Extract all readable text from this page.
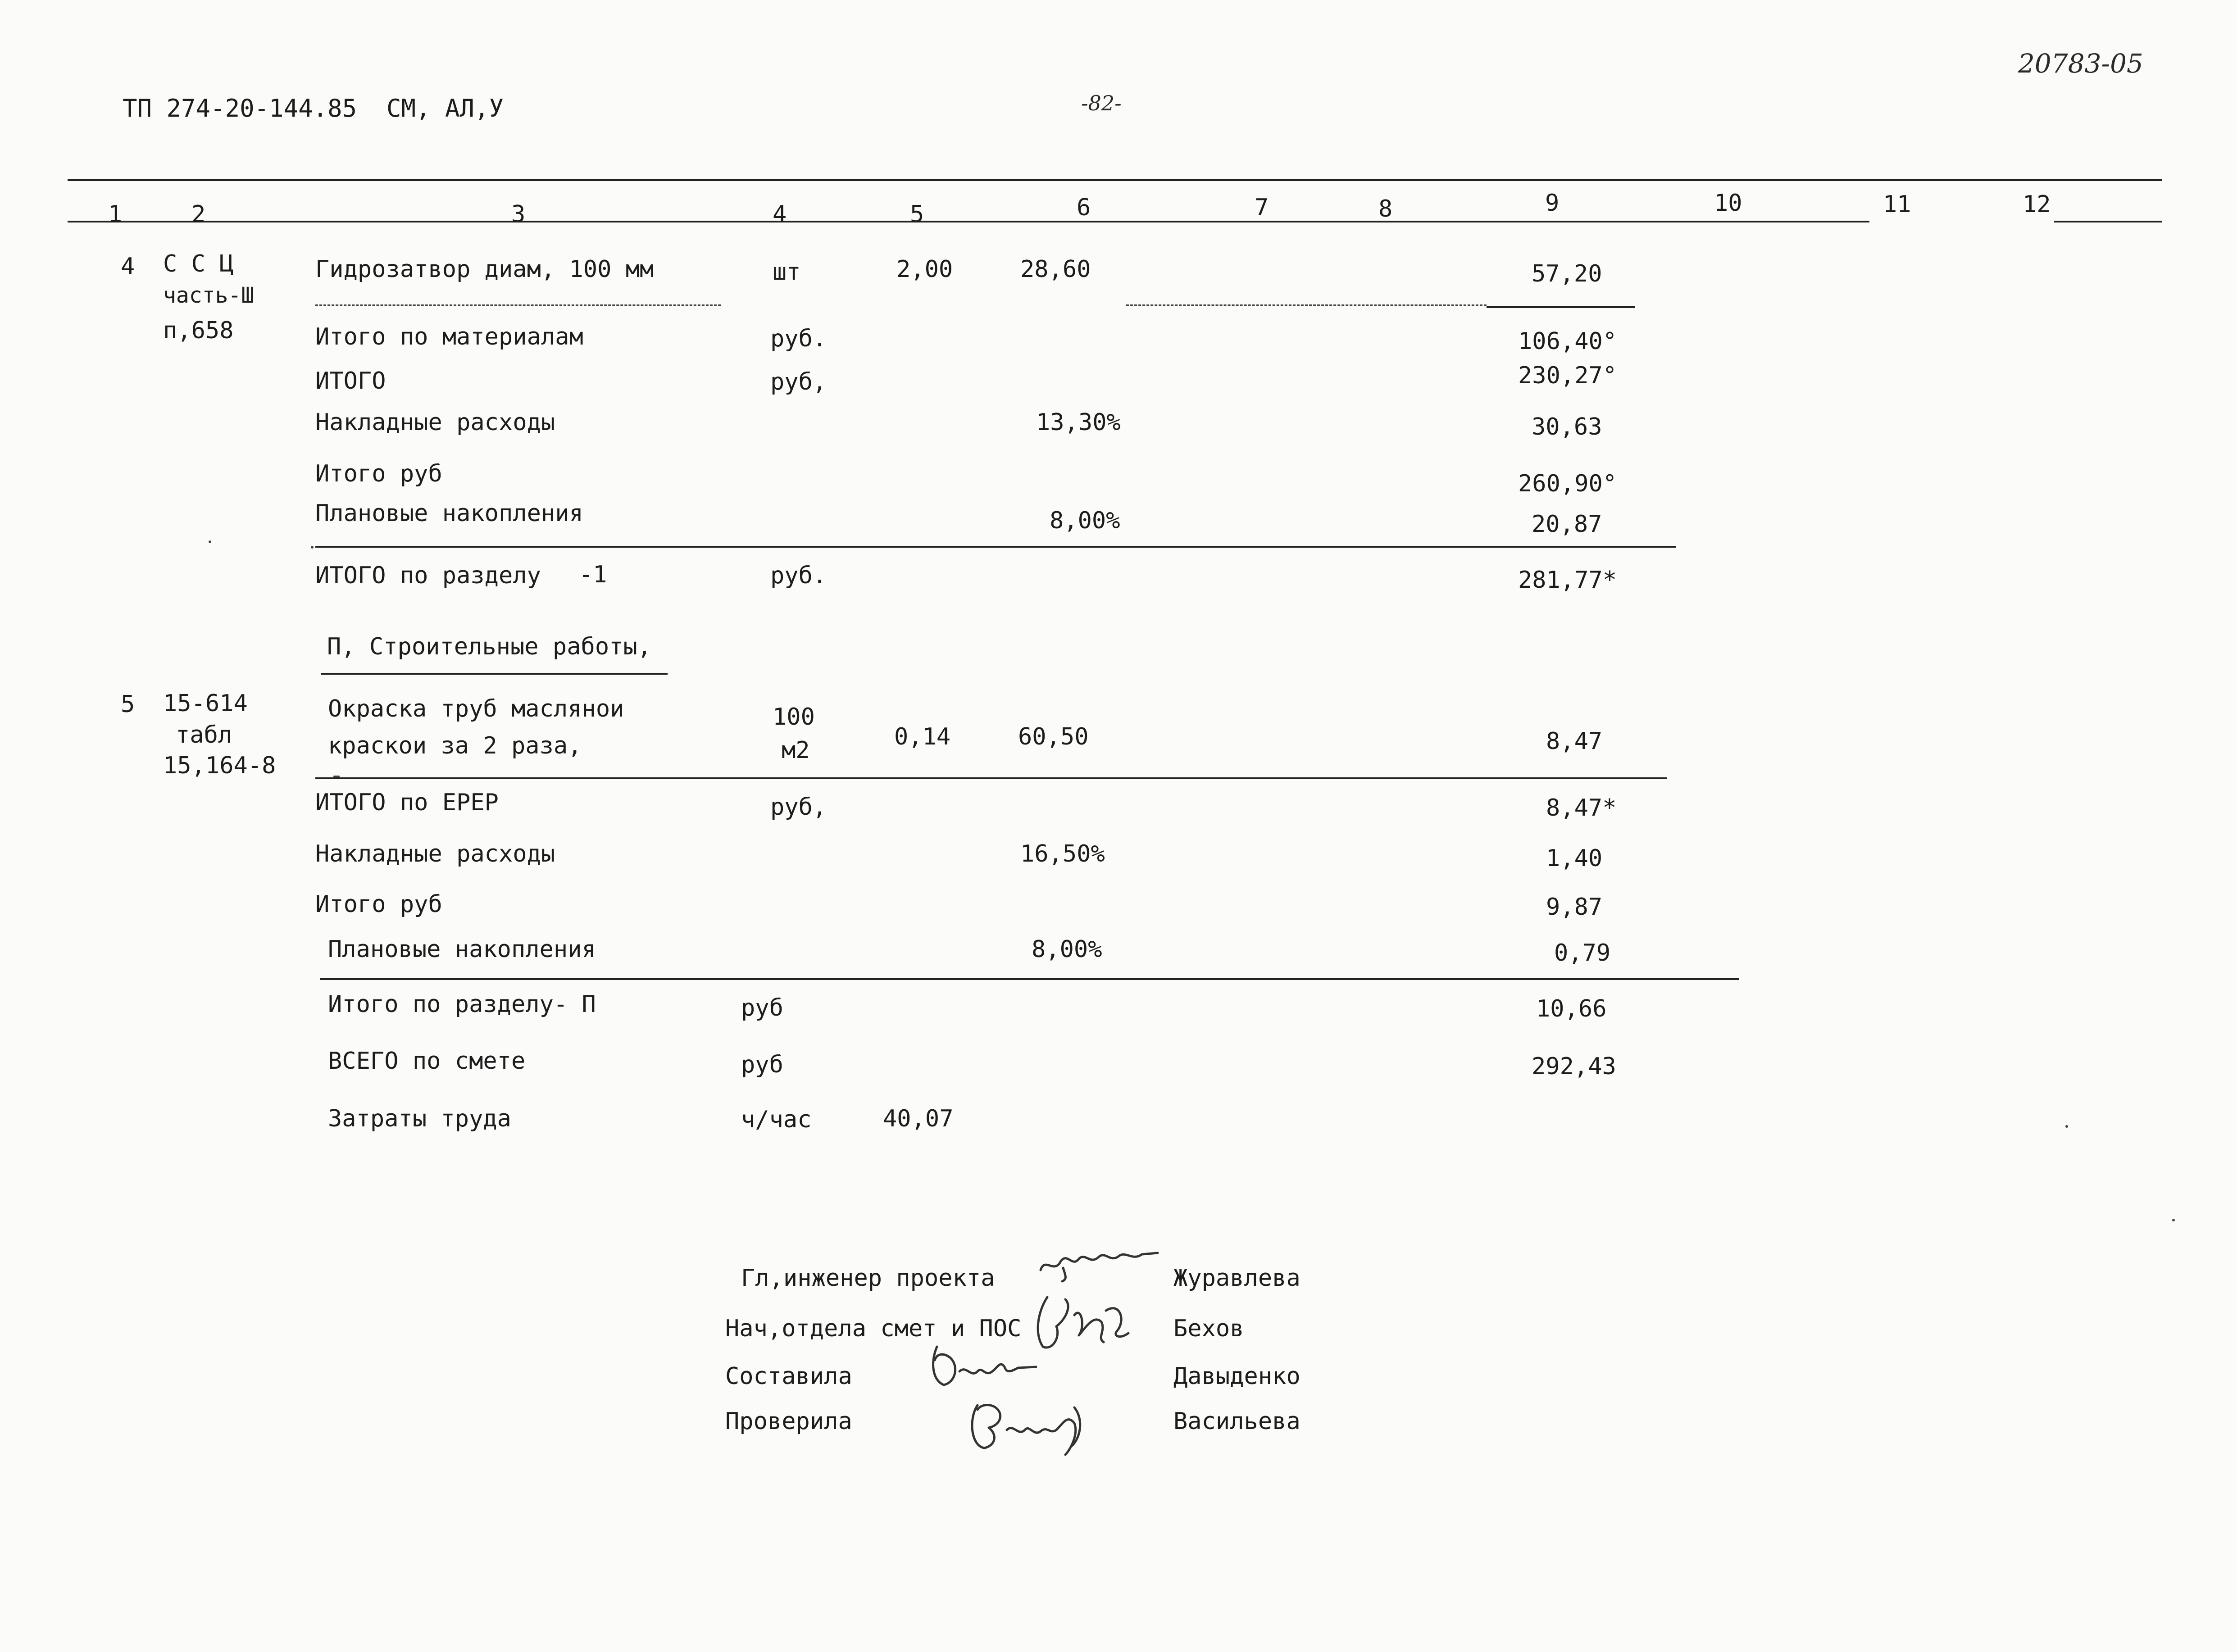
ТП 274-20-144.85 СМ, АЛ,У	-82-
20783-05
1	2	3	4	5	6	7	8	9	10	11	12
4 С С Ц
часть-Ш
п,658
Гидрозатвор диам, 100 мм	шт	2,00	28,60	57,20
Итого по материалам	руб.	106,40°
ИТОГО	руб,	230,27°
Накладные расходы	13,30%	30,63
Итого руб	260,90°
Плановые накопления	8,00%	20,87
ИТОГО по разделу -1	руб.	281,77*
П, Строительные работы,
5 15-614
табл
15,164-8
Окраска труб маслянои
краскои за 2 раза,
100
м2	0,14	60,50	8,47
ИТОГО по ЕРЕР	руб,	8,47*
Накладные расходы	16,50%	1,40
Итого руб	9,87
Плановые накопления	8,00%	0,79
Итого по разделу- П	руб	10,66
ВСЕГО по смете	руб	292,43
Затраты труда	ч/час	40,07
Гл,инженер проекта	Журавлева
Нач,отдела смет и ПОС	Бехов
Составила	Давыденко
Проверила	Васильева
